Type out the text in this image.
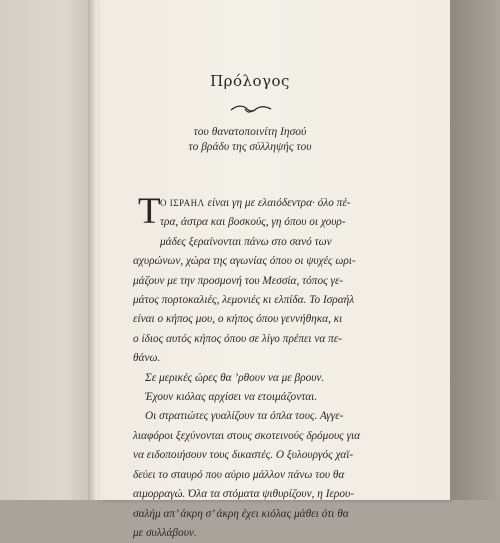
Πρόλογος
του θανατοποινίτη Ιησού
το βράδυ της σύλληψής του
Τ Ο ΙΣΡΑΗΛ είναι γη με ελαιόδεντρα· όλο πέ-
τρα, άστρα και βοσκούς, γη όπου οι χουρ-
μάδες ξεραίνονται πάνω στο σανό των
αχυρώνων, χώρα της αγωνίας όπου οι ψυχές ωρι-
μάζουν με την προσμονή του Μεσσία, τόπος γε-
μάτος πορτοκαλιές, λεμονιές κι ελπίδα. Το Ισραήλ
είναι ο κήπος μου, ο κήπος όπου γεννήθηκα, κι
ο ίδιος αυτός κήπος όπου σε λίγο πρέπει να πε-
θάνω.
Σε μερικές ώρες θα ’ρθουν να με βρουν.
Έχουν κιόλας αρχίσει να ετοιμάζονται.
Οι στρατιώτες γυαλίζουν τα όπλα τους. Αγγε-
λιαφόροι ξεχύνονται στους σκοτεινούς δρόμους για
να ειδοποιήσουν τους δικαστές. Ο ξυλουργός χαϊ-
δεύει το σταυρό που αύριο μάλλον πάνω του θα
αιμορραγώ. Όλα τα στόματα ψιθυρίζουν, η Ιερου-
σαλήμ απ’ άκρη σ’ άκρη έχει κιόλας μάθει ότι θα
με συλλάβουν.
